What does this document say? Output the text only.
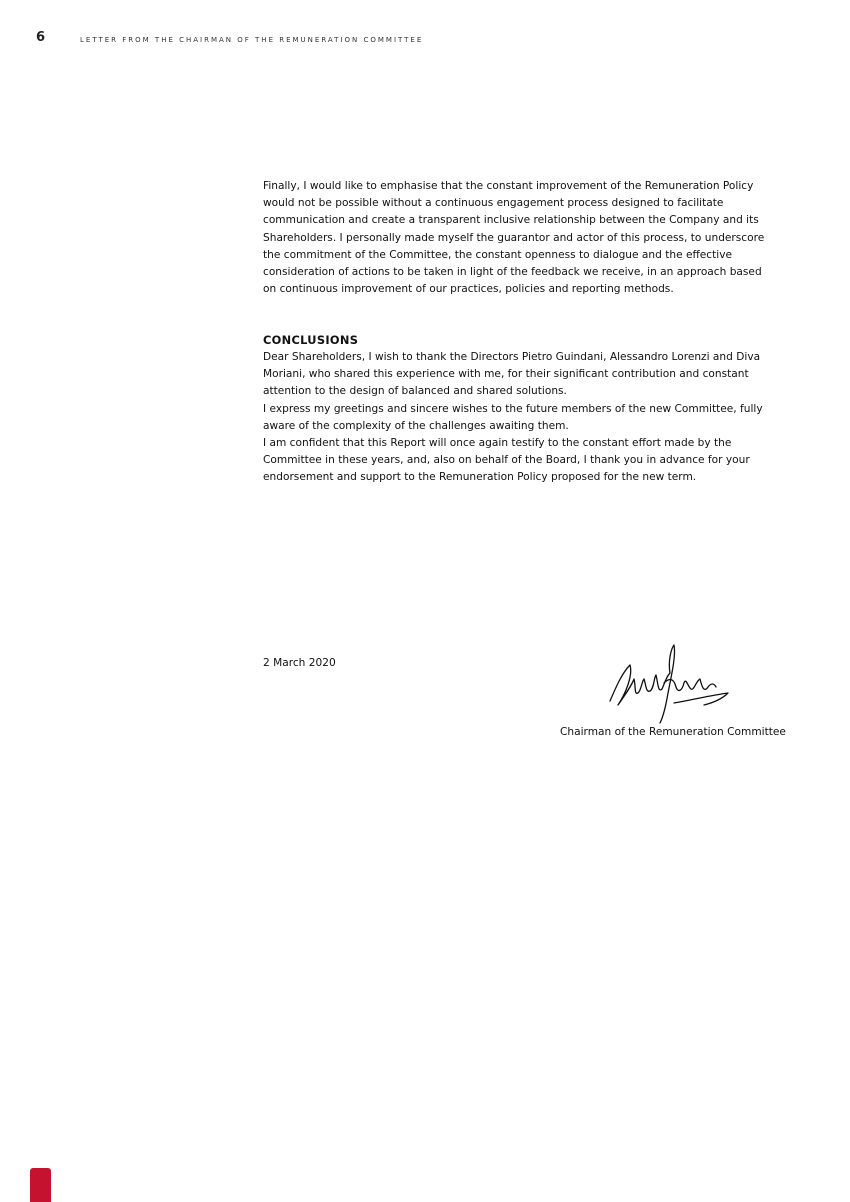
6	LETTER FROM THE CHAIRMAN OF THE REMUNERATION COMMITTEE

Finally, I would like to emphasise that the constant improvement of the Remuneration Policy would not be possible without a continuous engagement process designed to facilitate communication and create a transparent inclusive relationship between the Company and its Shareholders. I personally made myself the guarantor and actor of this process, to underscore the commitment of the Committee, the constant openness to dialogue and the effective consideration of actions to be taken in light of the feedback we receive, in an approach based on continuous improvement of our practices, policies and reporting methods.

CONCLUSIONS

Dear Shareholders, I wish to thank the Directors Pietro Guindani, Alessandro Lorenzi and Diva Moriani, who shared this experience with me, for their significant contribution and constant attention to the design of balanced and shared solutions.

I express my greetings and sincere wishes to the future members of the new Committee, fully aware of the complexity of the challenges awaiting them.

I am confident that this Report will once again testify to the constant effort made by the Committee in these years, and, also on behalf of the Board, I thank you in advance for your endorsement and support to the Remuneration Policy proposed for the new term.

2 March 2020
Chairman of the Remuneration Committee
